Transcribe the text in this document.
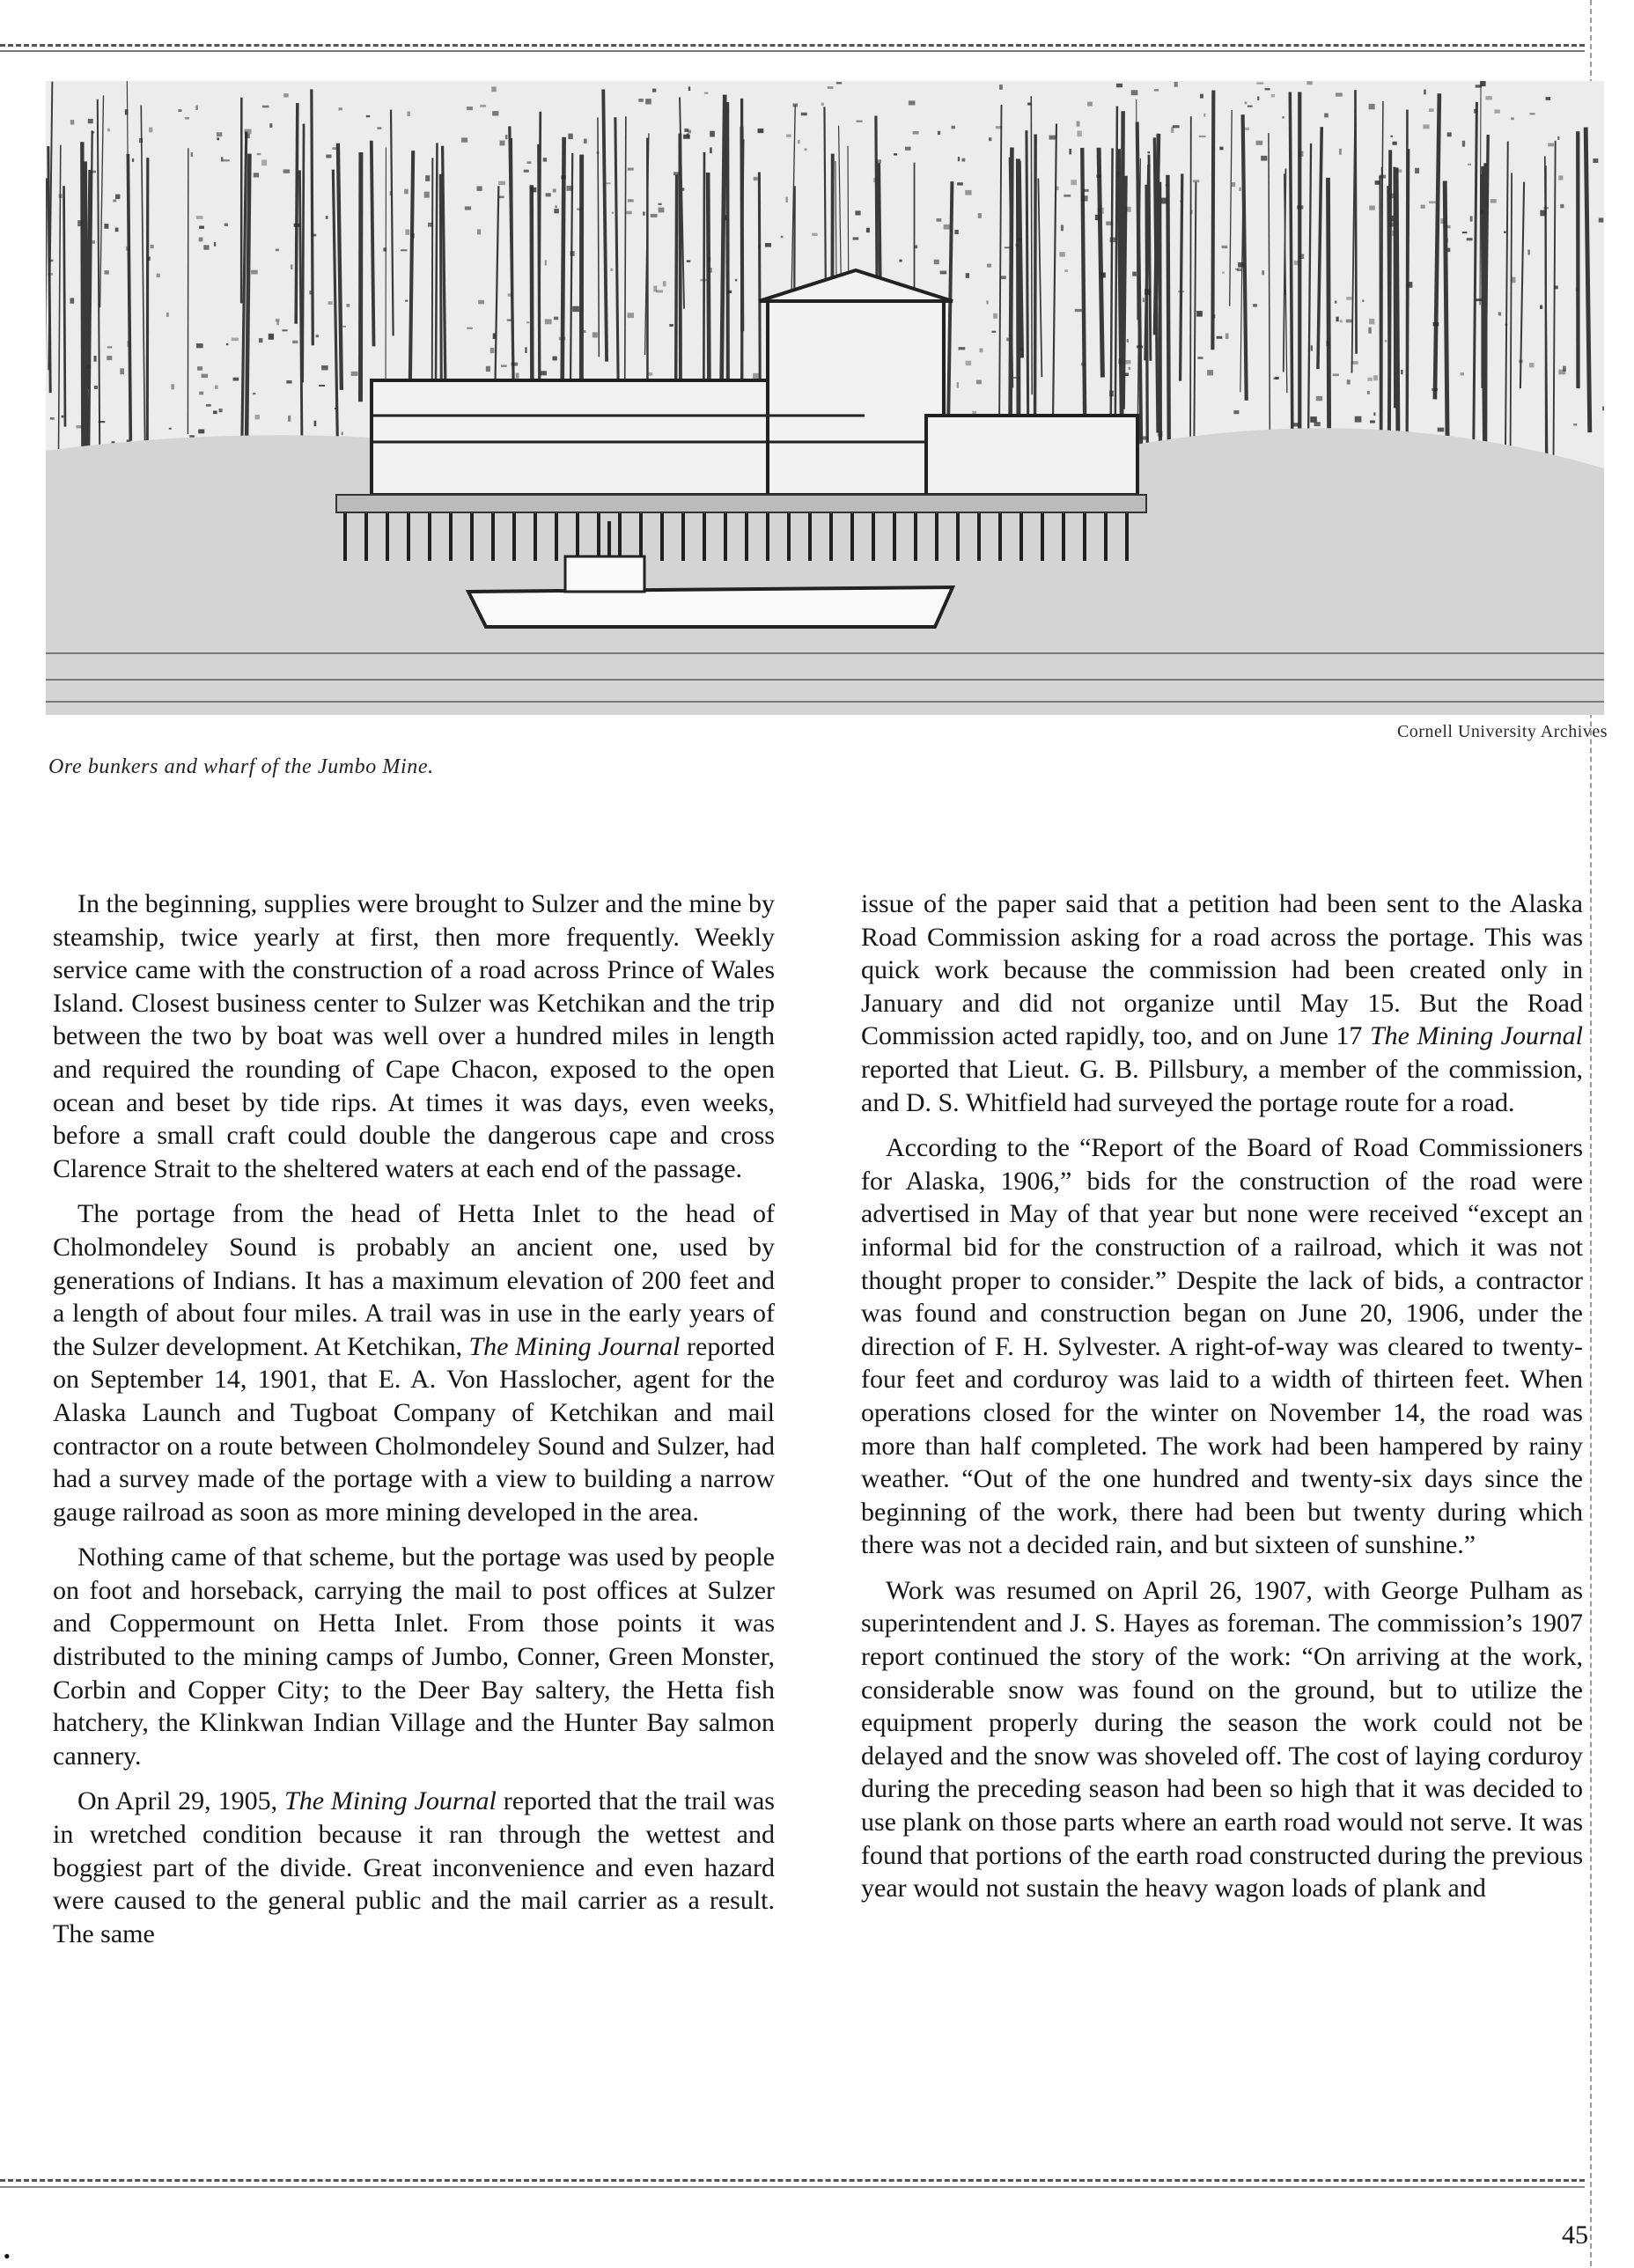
Cornell University Archives
Ore bunkers and wharf of the Jumbo Mine.

In the beginning, supplies were brought to Sulzer and the mine by steamship, twice yearly at first, then more frequently. Weekly service came with the construction of a road across Prince of Wales Island. Closest business center to Sulzer was Ketchikan and the trip between the two by boat was well over a hundred miles in length and required the rounding of Cape Chacon, exposed to the open ocean and beset by tide rips. At times it was days, even weeks, before a small craft could double the dangerous cape and cross Clarence Strait to the sheltered waters at each end of the passage.

The portage from the head of Hetta Inlet to the head of Cholmondeley Sound is probably an ancient one, used by generations of Indians. It has a maximum elevation of 200 feet and a length of about four miles. A trail was in use in the early years of the Sulzer development. At Ketchikan, The Mining Journal reported on September 14, 1901, that E. A. Von Hasslocher, agent for the Alaska Launch and Tugboat Company of Ketchikan and mail contractor on a route between Cholmondeley Sound and Sulzer, had had a survey made of the portage with a view to building a narrow gauge railroad as soon as more mining developed in the area.

Nothing came of that scheme, but the portage was used by people on foot and horseback, carrying the mail to post offices at Sulzer and Coppermount on Hetta Inlet. From those points it was distributed to the mining camps of Jumbo, Conner, Green Monster, Corbin and Copper City; to the Deer Bay saltery, the Hetta fish hatchery, the Klinkwan Indian Village and the Hunter Bay salmon cannery.

On April 29, 1905, The Mining Journal reported that the trail was in wretched condition because it ran through the wettest and boggiest part of the divide. Great inconvenience and even hazard were caused to the general public and the mail carrier as a result. The same

issue of the paper said that a petition had been sent to the Alaska Road Commission asking for a road across the portage. This was quick work because the commission had been created only in January and did not organize until May 15. But the Road Commission acted rapidly, too, and on June 17 The Mining Journal reported that Lieut. G. B. Pillsbury, a member of the commission, and D. S. Whitfield had surveyed the portage route for a road.

According to the “Report of the Board of Road Commissioners for Alaska, 1906,” bids for the construction of the road were advertised in May of that year but none were received “except an informal bid for the construction of a railroad, which it was not thought proper to consider.” Despite the lack of bids, a contractor was found and construction began on June 20, 1906, under the direction of F. H. Sylvester. A right-of-way was cleared to twenty-four feet and corduroy was laid to a width of thirteen feet. When operations closed for the winter on November 14, the road was more than half completed. The work had been hampered by rainy weather. “Out of the one hundred and twenty-six days since the beginning of the work, there had been but twenty during which there was not a decided rain, and but sixteen of sunshine.”

Work was resumed on April 26, 1907, with George Pulham as superintendent and J. S. Hayes as foreman. The commission’s 1907 report continued the story of the work: “On arriving at the work, considerable snow was found on the ground, but to utilize the equipment properly during the season the work could not be delayed and the snow was shoveled off. The cost of laying corduroy during the preceding season had been so high that it was decided to use plank on those parts where an earth road would not serve. It was found that portions of the earth road constructed during the previous year would not sustain the heavy wagon loads of plank and

•
45
